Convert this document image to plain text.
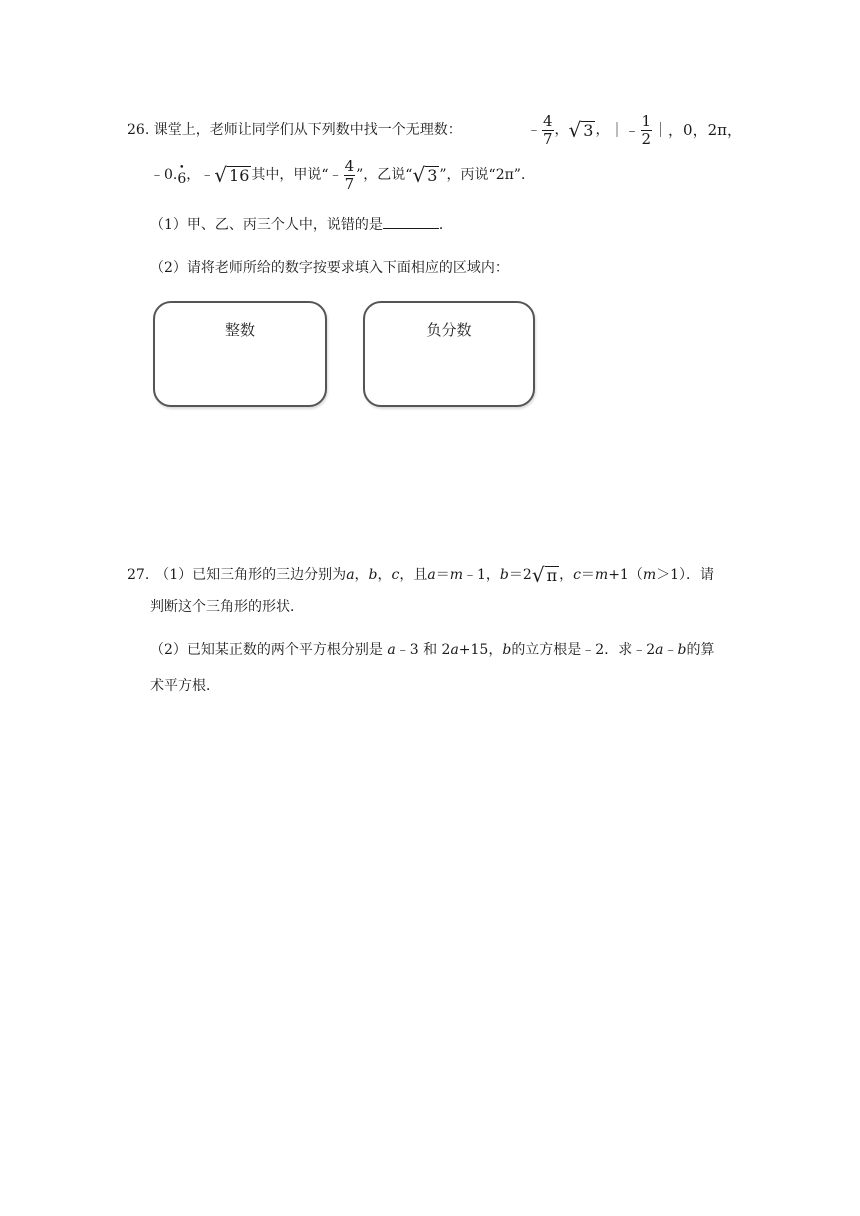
26. 课堂上，老师让同学们从下列数中找一个无理数：	﹣ $\frac{4}{7}$ ， √ 3 ， ｜﹣ $\frac{1}{2}$ ｜，0，2π，
﹣0.
• 6 ， ﹣ √ 16 其中，甲说“﹣ $\frac{4}{7}$ ”，乙说“ √ 3 ”，丙说“2π”．
（1）甲、乙、丙三个人中，说错的是	．
（2）请将老师所给的数字按要求填入下面相应的区域内：
整数	负分数
27. （1）已知三角形的三边分别为 a ， b ， c ，且 a ＝ m ﹣1， b ＝2 √ π ， c ＝ m +1（ m ＞1）．请
判断这个三角形的形状．
（2）已知某正数的两个平方根分别是 a﹣3 和 2a+15，b的立方根是﹣2．求﹣2a﹣b的算
术平方根．
